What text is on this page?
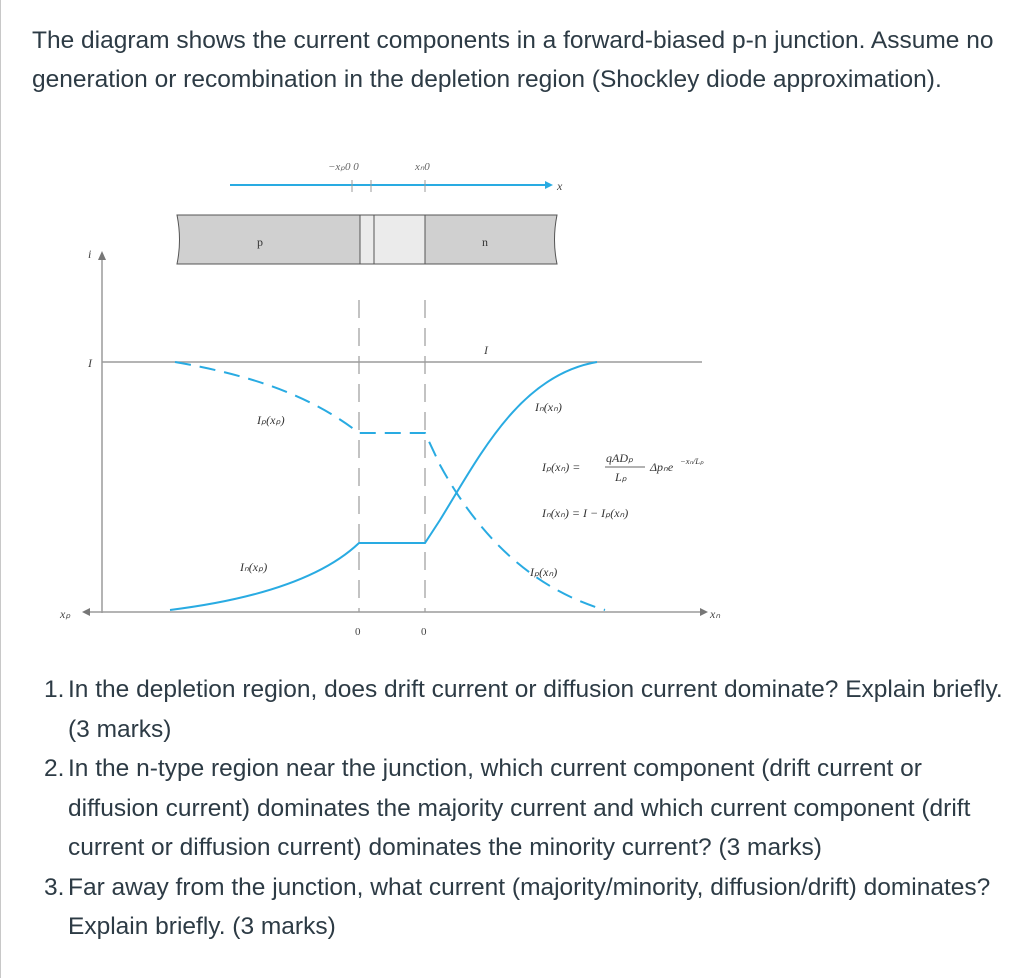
The diagram shows the current components in a forward-biased p-n junction. Assume no generation or recombination in the depletion region (Shockley diode approximation).

−xₚ0 0	xₙ0
x
p	n
i
I
I
xₚ	xₙ
0	0
Iₚ(xₚ)
Iₙ(xₚ)
Iₙ(xₙ)
Iₚ(xₙ)
Iₚ(xₙ) =
qADₚ
Lₚ
Δpₙe −xₙ/Lₚ
Iₙ(xₙ) = I − Iₚ(xₙ)
1. In the depletion region, does drift current or diffusion current dominate? Explain briefly. (3 marks)
2. In the n-type region near the junction, which current component (drift current or diffusion current) dominates the majority current and which current component (drift current or diffusion current) dominates the minority current? (3 marks)
3. Far away from the junction, what current (majority/minority, diffusion/drift) dominates? Explain briefly. (3 marks)
